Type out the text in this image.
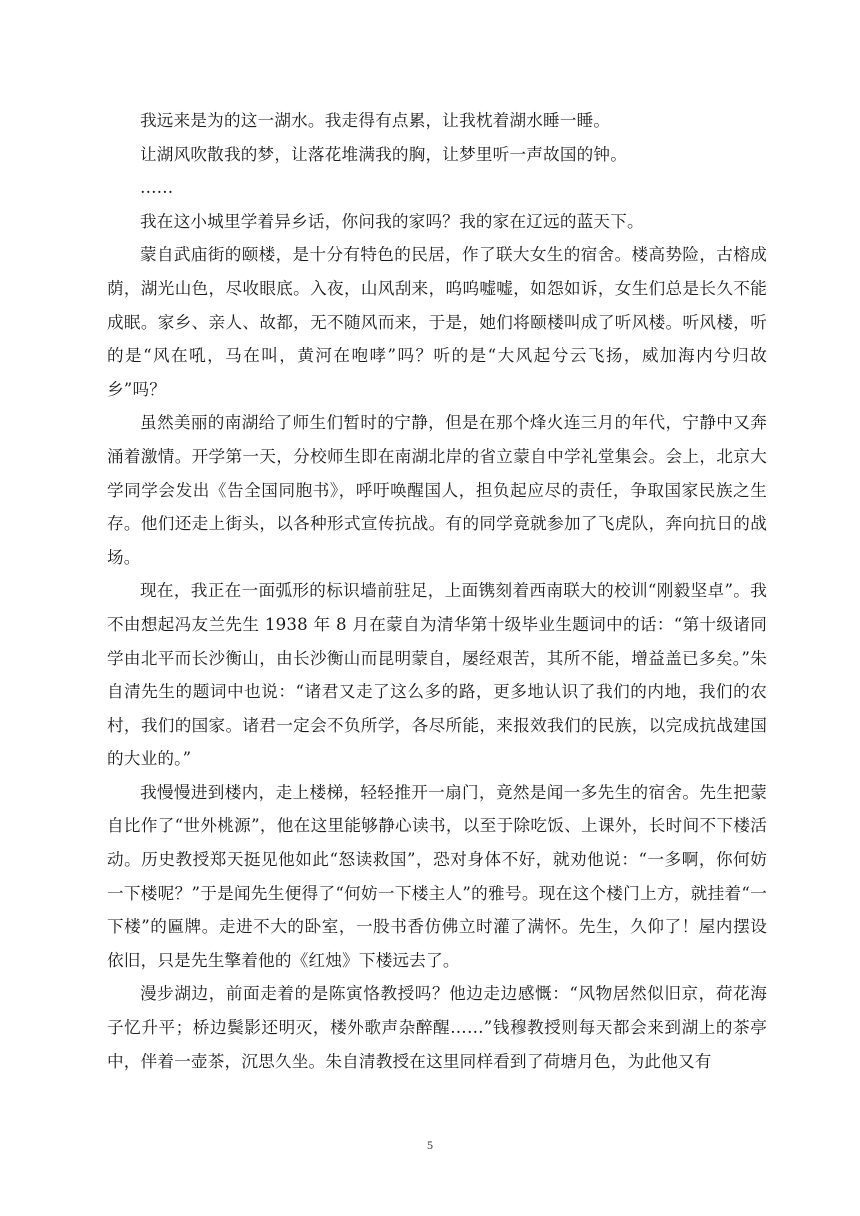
我远来是为的这一湖水。我走得有点累，让我枕着湖水睡一睡。

让湖风吹散我的梦，让落花堆满我的胸，让梦里听一声故国的钟。

……

我在这小城里学着异乡话，你问我的家吗？我的家在辽远的蓝天下。

蒙自武庙街的颐楼，是十分有特色的民居，作了联大女生的宿舍。楼高势险，古榕成荫，湖光山色，尽收眼底。入夜，山风刮来，呜呜嘘嘘，如怨如诉，女生们总是长久不能成眠。家乡、亲人、故都，无不随风而来，于是，她们将颐楼叫成了听风楼。听风楼，听的是“风在吼，马在叫，黄河在咆哮”吗？听的是“大风起兮云飞扬，威加海内兮归故乡”吗？

虽然美丽的南湖给了师生们暂时的宁静，但是在那个烽火连三月的年代，宁静中又奔涌着激情。开学第一天，分校师生即在南湖北岸的省立蒙自中学礼堂集会。会上，北京大学同学会发出《告全国同胞书》，呼吁唤醒国人，担负起应尽的责任，争取国家民族之生存。他们还走上街头，以各种形式宣传抗战。有的同学竟就参加了飞虎队，奔向抗日的战场。

现在，我正在一面弧形的标识墙前驻足，上面镌刻着西南联大的校训“刚毅坚卓”。我不由想起冯友兰先生 1938 年 8 月在蒙自为清华第十级毕业生题词中的话：“第十级诸同学由北平而长沙衡山，由长沙衡山而昆明蒙自，屡经艰苦，其所不能，增益盖已多矣。”朱自清先生的题词中也说：“诸君又走了这么多的路，更多地认识了我们的内地，我们的农村，我们的国家。诸君一定会不负所学，各尽所能，来报效我们的民族，以完成抗战建国的大业的。”

我慢慢进到楼内，走上楼梯，轻轻推开一扇门，竟然是闻一多先生的宿舍。先生把蒙自比作了“世外桃源”，他在这里能够静心读书，以至于除吃饭、上课外，长时间不下楼活动。历史教授郑天挺见他如此“怒读救国”，恐对身体不好，就劝他说：“一多啊，你何妨一下楼呢？”于是闻先生便得了“何妨一下楼主人”的雅号。现在这个楼门上方，就挂着“一下楼”的匾牌。走进不大的卧室，一股书香仿佛立时灌了满怀。先生，久仰了！屋内摆设依旧，只是先生擎着他的《红烛》下楼远去了。

漫步湖边，前面走着的是陈寅恪教授吗？他边走边感慨：“风物居然似旧京，荷花海子忆升平；桥边鬓影还明灭，楼外歌声杂醉醒……”钱穆教授则每天都会来到湖上的茶亭中，伴着一壶茶，沉思久坐。朱自清教授在这里同样看到了荷塘月色，为此他又有

5
